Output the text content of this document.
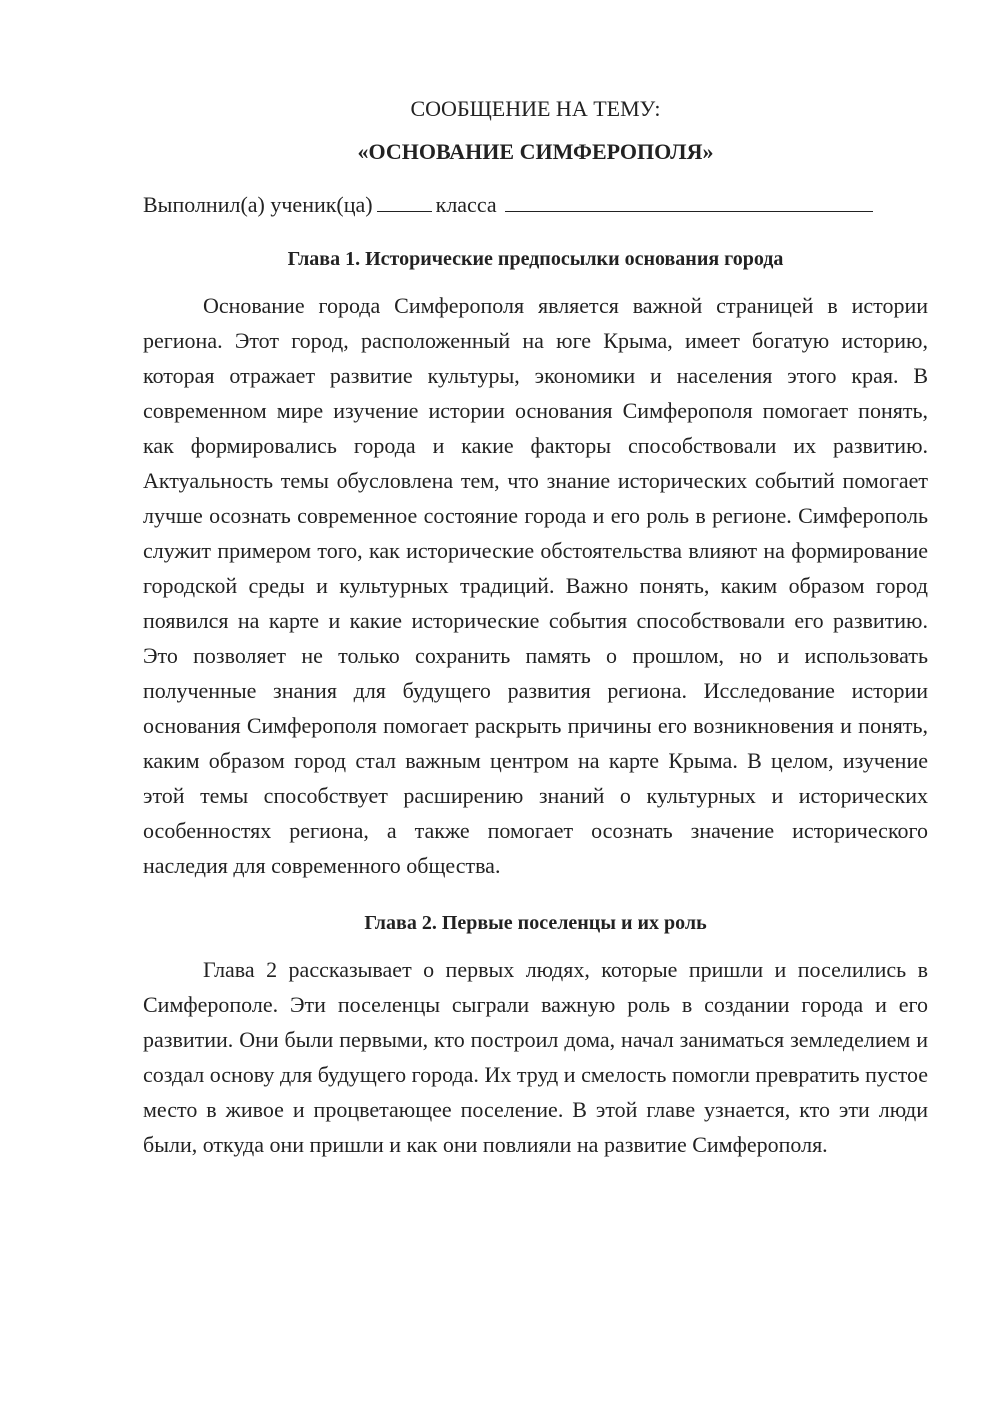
СООБЩЕНИЕ НА ТЕМУ:
«ОСНОВАНИЕ СИМФЕРОПОЛЯ»

Выполнил(а) ученик(ца)	класса

Глава 1. Исторические предпосылки основания города

Основание города Симферополя является важной страницей в истории региона. Этот город, расположенный на юге Крыма, имеет богатую историю, которая отражает развитие культуры, экономики и населения этого края. В современном мире изучение истории основания Симферополя помогает понять, как формировались города и какие факторы способствовали их развитию. Актуальность темы обусловлена тем, что знание исторических событий помогает лучше осознать современное состояние города и его роль в регионе. Симферополь служит примером того, как исторические обстоятельства влияют на формирование городской среды и культурных традиций. Важно понять, каким образом город появился на карте и какие исторические события способствовали его развитию. Это позволяет не только сохранить память о прошлом, но и использовать полученные знания для будущего развития региона. Исследование истории основания Симферополя помогает раскрыть причины его возникновения и понять, каким образом город стал важным центром на карте Крыма. В целом, изучение этой темы способствует расширению знаний о культурных и исторических особенностях региона, а также помогает осознать значение исторического наследия для современного общества.

Глава 2. Первые поселенцы и их роль

Глава 2 рассказывает о первых людях, которые пришли и поселились в Симферополе. Эти поселенцы сыграли важную роль в создании города и его развитии. Они были первыми, кто построил дома, начал заниматься земледелием и создал основу для будущего города. Их труд и смелость помогли превратить пустое место в живое и процветающее поселение. В этой главе узнается, кто эти люди были, откуда они пришли и как они повлияли на развитие Симферополя.
